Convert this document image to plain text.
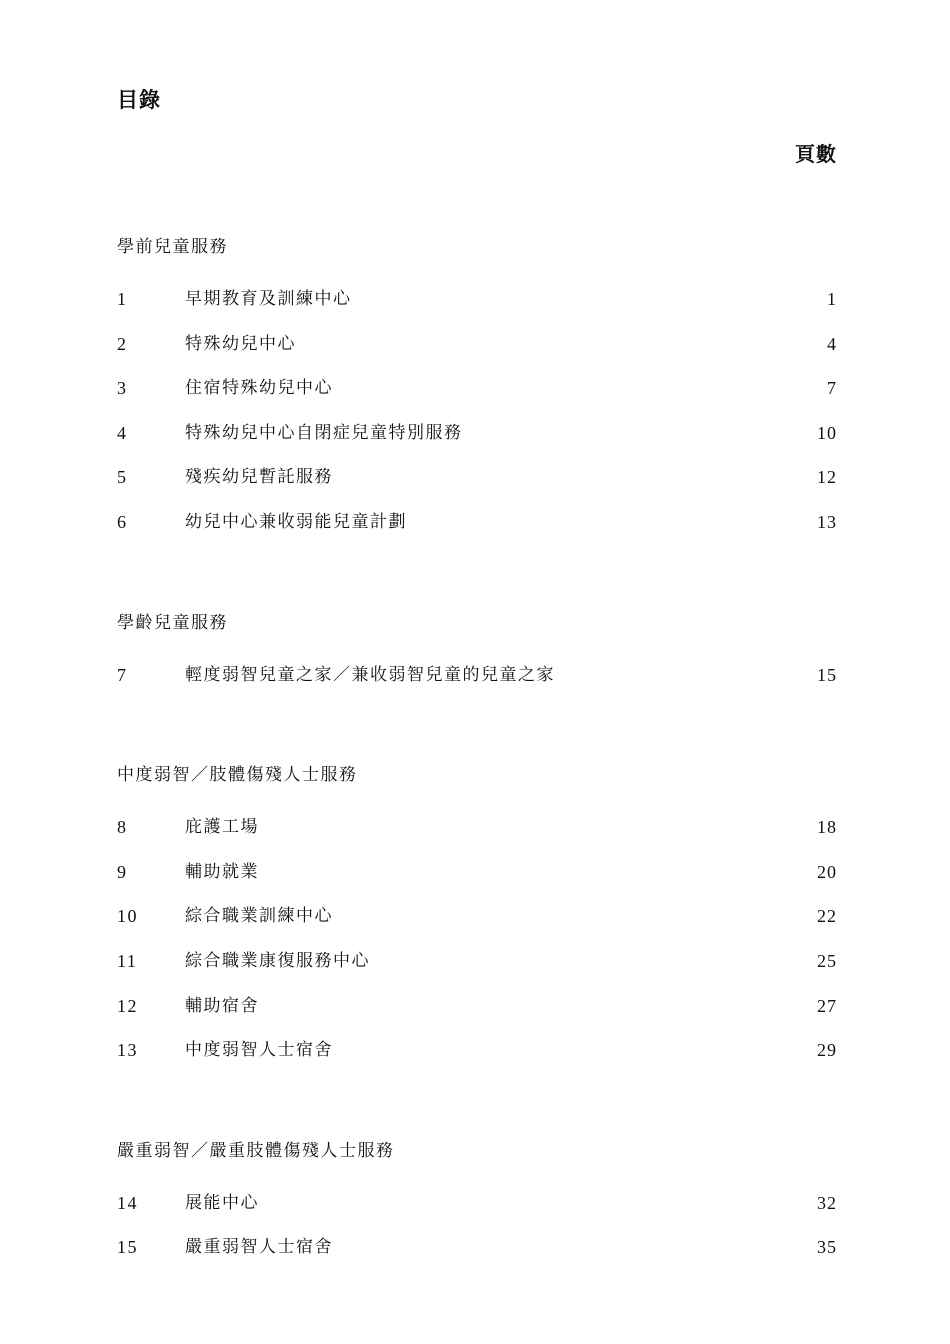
目錄
頁數
學前兒童服務
1	早期教育及訓練中心	1
2	特殊幼兒中心	4
3	住宿特殊幼兒中心	7
4	特殊幼兒中心自閉症兒童特別服務	10
5	殘疾幼兒暫託服務	12
6	幼兒中心兼收弱能兒童計劃	13
學齡兒童服務
7	輕度弱智兒童之家／兼收弱智兒童的兒童之家	15
中度弱智／肢體傷殘人士服務
8	庇護工場	18
9	輔助就業	20
10	綜合職業訓練中心	22
11	綜合職業康復服務中心	25
12	輔助宿舍	27
13	中度弱智人士宿舍	29
嚴重弱智／嚴重肢體傷殘人士服務
14	展能中心	32
15	嚴重弱智人士宿舍	35
